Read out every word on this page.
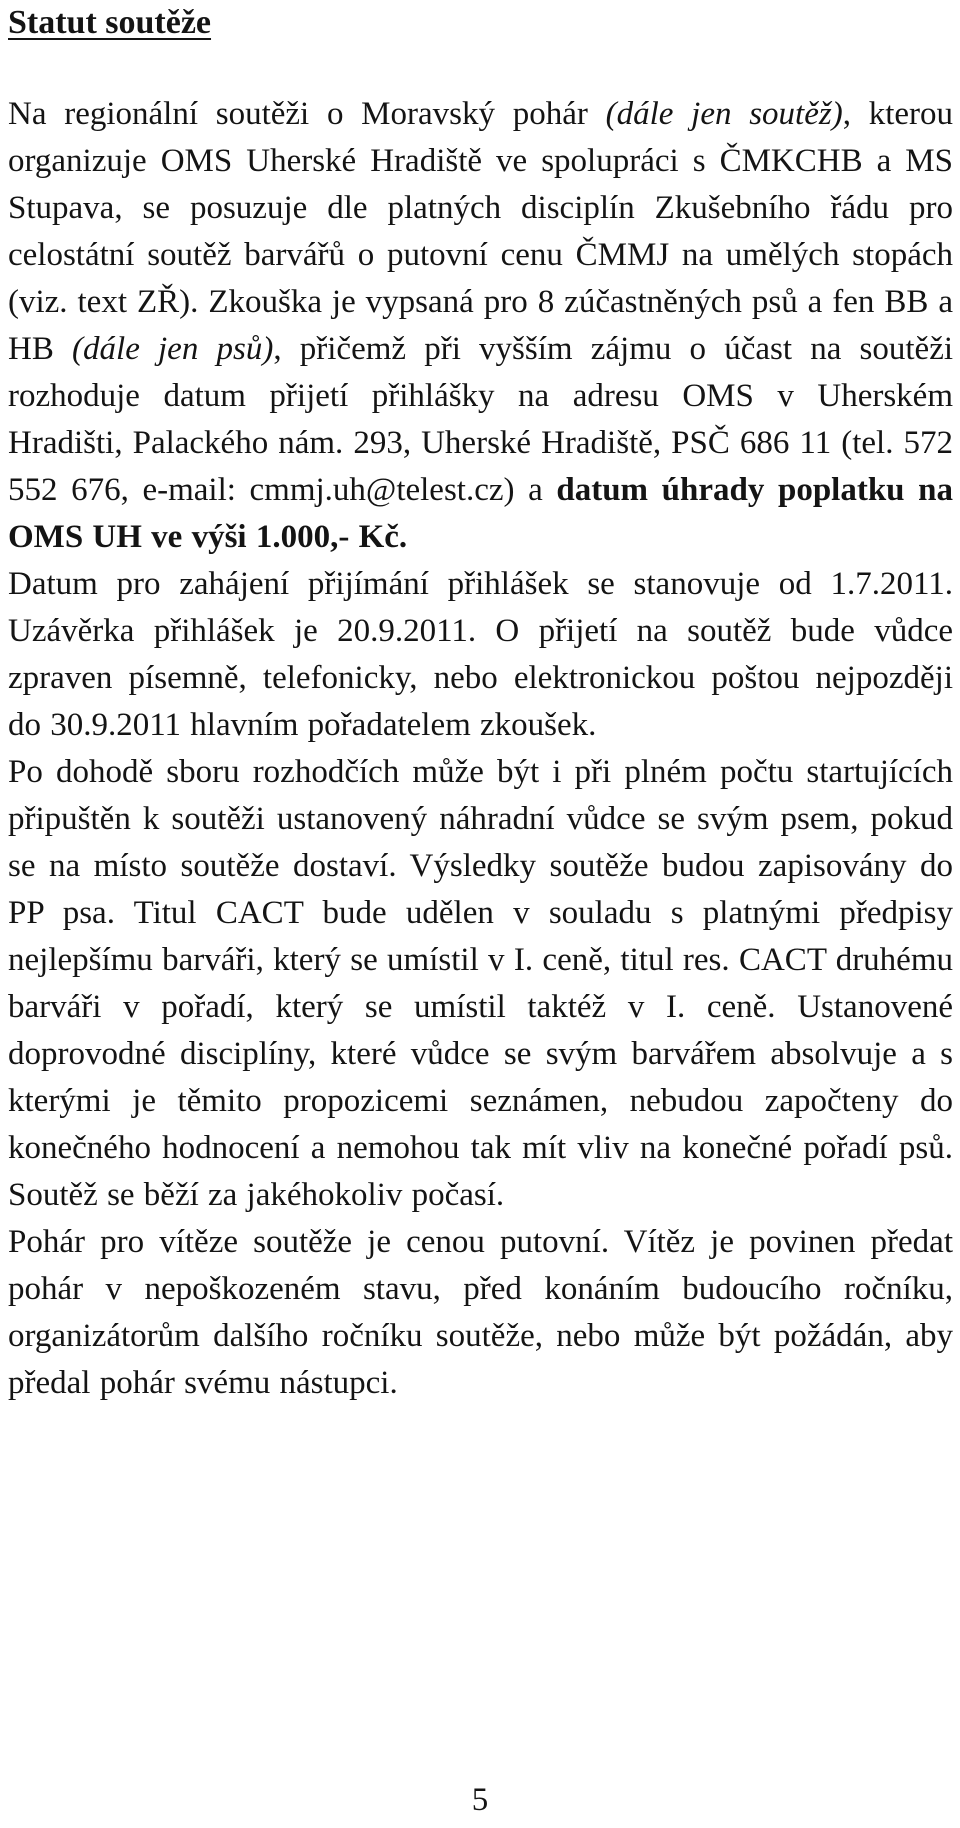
Statut soutěže

Na regionální soutěži o Moravský pohár (dále jen soutěž), kterou organizuje OMS Uherské Hradiště ve spolupráci s ČMKCHB a MS Stupava, se posuzuje dle platných disciplín Zkušebního řádu pro celostátní soutěž barvářů o putovní cenu ČMMJ na umělých stopách (viz. text ZŘ). Zkouška je vypsaná pro 8 zúčastněných psů a fen BB a HB (dále jen psů), přičemž při vyšším zájmu o účast na soutěži rozhoduje datum přijetí přihlášky na adresu OMS v Uherském Hradišti, Palackého nám. 293, Uherské Hradiště, PSČ 686 11 (tel. 572 552 676, e-mail: cmmj.uh@telest.cz) a datum úhrady poplatku na OMS UH ve výši 1.000,- Kč.

Datum pro zahájení přijímání přihlášek se stanovuje od 1.7.2011. Uzávěrka přihlášek je 20.9.2011. O přijetí na soutěž bude vůdce zpraven písemně, telefonicky, nebo elektronickou poštou nejpozději do 30.9.2011 hlavním pořadatelem zkoušek.

Po dohodě sboru rozhodčích může být i při plném počtu startujících připuštěn k soutěži ustanovený náhradní vůdce se svým psem, pokud se na místo soutěže dostaví. Výsledky soutěže budou zapisovány do PP psa. Titul CACT bude udělen v souladu s platnými předpisy nejlepšímu barváři, který se umístil v I. ceně, titul res. CACT druhému barváři v pořadí, který se umístil taktéž v I. ceně. Ustanovené doprovodné disciplíny, které vůdce se svým barvářem absolvuje a s kterými je těmito propozicemi seznámen, nebudou započteny do konečného hodnocení a nemohou tak mít vliv na konečné pořadí psů. Soutěž se běží za jakéhokoliv počasí.

Pohár pro vítěze soutěže je cenou putovní. Vítěz je povinen předat pohár v nepoškozeném stavu, před konáním budoucího ročníku, organizátorům dalšího ročníku soutěže, nebo může být požádán, aby předal pohár svému nástupci.

5
